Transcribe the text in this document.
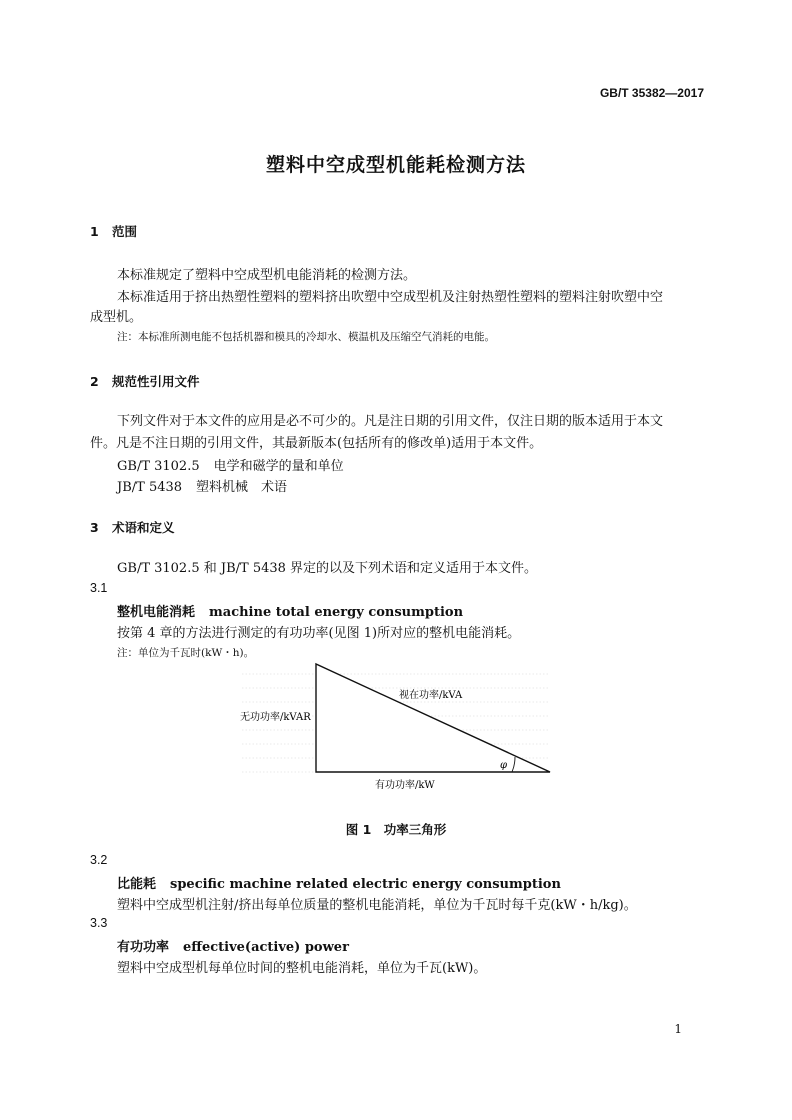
GB/T 35382—2017
塑料中空成型机能耗检测方法
1 范围
本标准规定了塑料中空成型机电能消耗的检测方法。
本标准适用于挤出热塑性塑料的塑料挤出吹塑中空成型机及注射热塑性塑料的塑料注射吹塑中空
成型机。
注：本标准所测电能不包括机器和模具的冷却水、模温机及压缩空气消耗的电能。
2 规范性引用文件
下列文件对于本文件的应用是必不可少的。凡是注日期的引用文件，仅注日期的版本适用于本文
件。凡是不注日期的引用文件，其最新版本(包括所有的修改单)适用于本文件。
GB/T 3102.5 电学和磁学的量和单位
JB/T 5438 塑料机械　术语
3 术语和定义
GB/T 3102.5 和 JB/T 5438 界定的以及下列术语和定义适用于本文件。
3.1
整机电能消耗 machine total energy consumption
按第 4 章的方法进行测定的有功功率(见图 1)所对应的整机电能消耗。
注：单位为千瓦时(kW・h)。
视在功率/kVA
无功功率/kVAR
有功功率/kW
φ
图 1　功率三角形
3.2
比能耗 specific machine related electric energy consumption
塑料中空成型机注射/挤出每单位质量的整机电能消耗，单位为千瓦时每千克(kW・h/kg)。
3.3
有功功率 effective(active) power
塑料中空成型机每单位时间的整机电能消耗，单位为千瓦(kW)。
1
